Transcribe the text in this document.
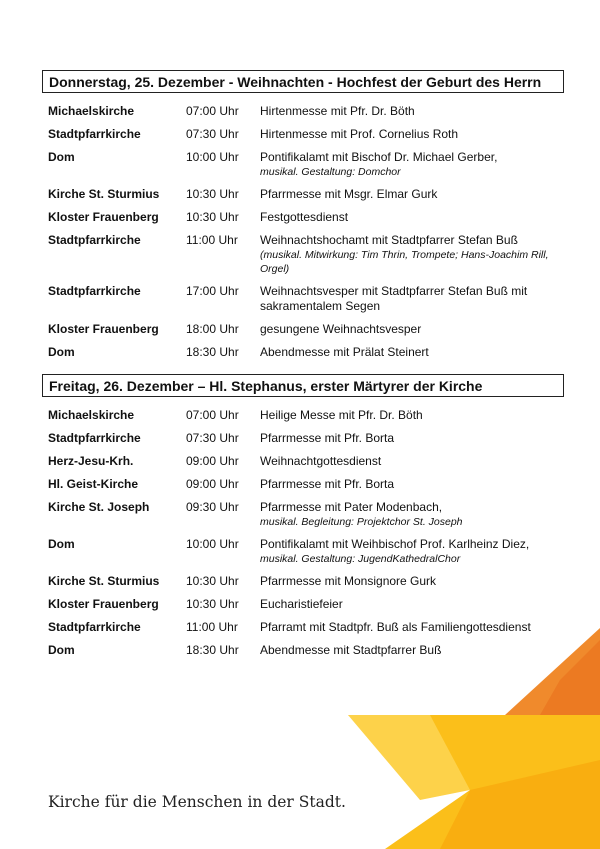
Donnerstag, 25. Dezember - Weihnachten - Hochfest der Geburt des Herrn
Michaelskirche	07:00 Uhr	Hirtenmesse mit Pfr. Dr. Böth
Stadtpfarrkirche	07:30 Uhr	Hirtenmesse mit Prof. Cornelius Roth
Dom	10:00 Uhr	Pontifikalamt mit Bischof Dr. Michael Gerber,
musikal. Gestaltung: Domchor
Kirche St. Sturmius	10:30 Uhr	Pfarrmesse mit Msgr. Elmar Gurk
Kloster Frauenberg	10:30 Uhr	Festgottesdienst
Stadtpfarrkirche	11:00 Uhr	Weihnachtshochamt mit Stadtpfarrer Stefan Buß
(musikal. Mitwirkung: Tim Thrin, Trompete; Hans-Joachim Rill, Orgel)
Stadtpfarrkirche	17:00 Uhr	Weihnachtsvesper mit Stadtpfarrer Stefan Buß mit sakramentalem Segen
Kloster Frauenberg	18:00 Uhr	gesungene Weihnachtsvesper
Dom	18:30 Uhr	Abendmesse mit Prälat Steinert
Freitag, 26. Dezember – Hl. Stephanus, erster Märtyrer der Kirche
Michaelskirche	07:00 Uhr	Heilige Messe mit Pfr. Dr. Böth
Stadtpfarrkirche	07:30 Uhr	Pfarrmesse mit Pfr. Borta
Herz-Jesu-Krh.	09:00 Uhr	Weihnachtgottesdienst
Hl. Geist-Kirche	09:00 Uhr	Pfarrmesse mit Pfr. Borta
Kirche St. Joseph	09:30 Uhr	Pfarrmesse mit Pater Modenbach,
musikal. Begleitung: Projektchor St. Joseph
Dom	10:00 Uhr	Pontifikalamt mit Weihbischof Prof. Karlheinz Diez,
musikal. Gestaltung: JugendKathedralChor
Kirche St. Sturmius	10:30 Uhr	Pfarrmesse mit Monsignore Gurk
Kloster Frauenberg	10:30 Uhr	Eucharistiefeier
Stadtpfarrkirche	11:00 Uhr	Pfarramt mit Stadtpfr. Buß als Familiengottesdienst
Dom	18:30 Uhr	Abendmesse mit Stadtpfarrer Buß
Kirche für die Menschen in der Stadt.
